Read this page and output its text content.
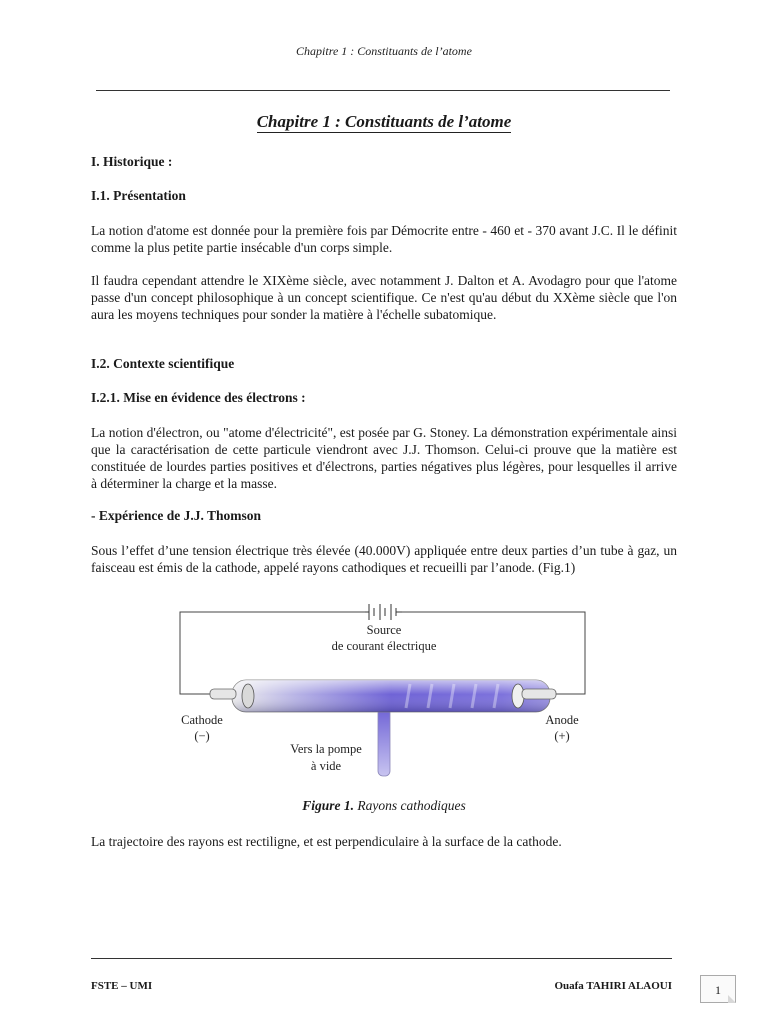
Chapitre 1 : Constituants de l’atome
Chapitre 1 : Constituants de l’atome
I. Historique :
I.1. Présentation
La notion d'atome est donnée pour la première fois par Démocrite entre - 460 et - 370 avant J.C. Il le définit comme la plus petite partie insécable d'un corps simple.
Il faudra cependant attendre le XIXème siècle, avec notamment J. Dalton et A. Avodagro pour que l'atome passe d'un concept philosophique à un concept scientifique. Ce n'est qu'au début du XXème siècle que l'on aura les moyens techniques pour sonder la matière à l'échelle subatomique.
I.2. Contexte scientifique
I.2.1. Mise en évidence des électrons :
La notion d'électron, ou "atome d'électricité", est posée par G. Stoney. La démonstration expérimentale ainsi que la caractérisation de cette particule viendront avec J.J. Thomson. Celui-ci prouve que la matière est constituée de lourdes parties positives et d'électrons, parties négatives plus légères, pour lesquelles il arrive à déterminer la charge et la masse.
- Expérience de J.J. Thomson
Sous l’effet d’une tension électrique très élevée (40.000V) appliquée entre deux parties d’un tube à gaz, un faisceau est émis de la cathode, appelé rayons cathodiques et recueilli par l’anode. (Fig.1)
Source
de courant électrique
Cathode
(−)
Anode
(+)
Vers la pompe
à vide
Figure 1. Rayons cathodiques
La trajectoire des rayons est rectiligne, et est perpendiculaire à la surface de la cathode.
FSTE – UMI	Ouafa TAHIRI ALAOUI	1
